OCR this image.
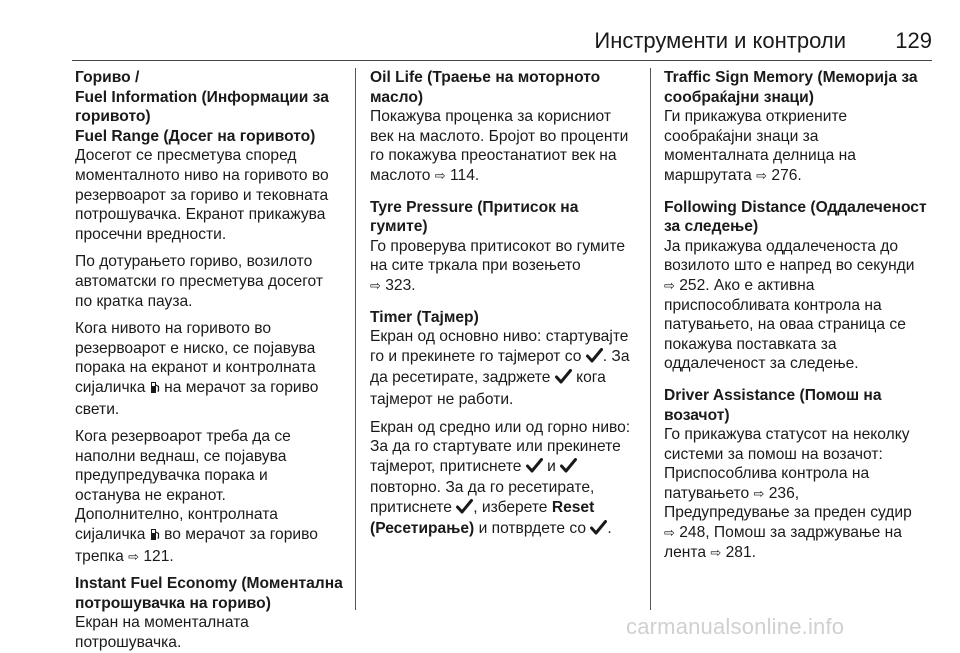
Инструменти и контроли 129
Гориво /
Fuel Information (Информации за
горивото)
Fuel Range (Досег на горивото)
Досегот се пресметува според
моменталното ниво на горивото во
резервоарот за гориво и тековната
потрошувачка. Екранот прикажува
просечни вредности.
По дотурањето гориво, возилото
автоматски го пресметува досегот
по кратка пауза.
Кога нивото на горивото во
резервоарот е ниско, се појавува
порака на екранот и контролната
сијаличка на мерачот за гориво
свети.
Кога резервоарот треба да се
наполни веднаш, се појавува
предупредувачка порака и
останува не екранот.
Дополнително, контролната
сијаличка во мерачот за гориво
трепка ⇨ 121.
Instant Fuel Economy (Моментална
потрошувачка на гориво)
Екран на моменталната
потрошувачка.
Oil Life (Траење на моторното
масло)
Покажува проценка за корисниот
век на маслото. Бројот во проценти
го покажува преостанатиот век на
маслото ⇨ 114.
Tyre Pressure (Притисок на гумите)
Го проверува притисокот во гумите
на сите тркала при возењето
⇨ 323.
Timer (Тајмер)
Екран од основно ниво: стартувајте
го и прекинете го тајмерот со . За
да ресетирате, задржете кога
тајмерот не работи.
Екран од средно или од горно ниво:
За да го стартувате или прекинете
тајмерот, притиснете и
повторно. За да го ресетирате,
притиснете , изберете Reset
(Ресетирање) и потврдете со .
Traffic Sign Memory (Меморија за
сообраќајни знаци)
Ги прикажува откриените
сообраќајни знаци за
моменталната делница на
маршрутата ⇨ 276.
Following Distance (Оддалеченост
за следење)
Ја прикажува оддалеченоста до
возилото што е напред во секунди
⇨ 252. Ако е активна
приспособливата контрола на
патувањето, на оваа страница се
покажува поставката за
оддалеченост за следење.
Driver Assistance (Помош на
возачот)
Го прикажува статусот на неколку
системи за помош на возачот:
Приспособлива контрола на
патувањето ⇨ 236,
Предупредување за преден судир
⇨ 248, Помош за задржување на
лента ⇨ 281.
carmanualsonline.info
